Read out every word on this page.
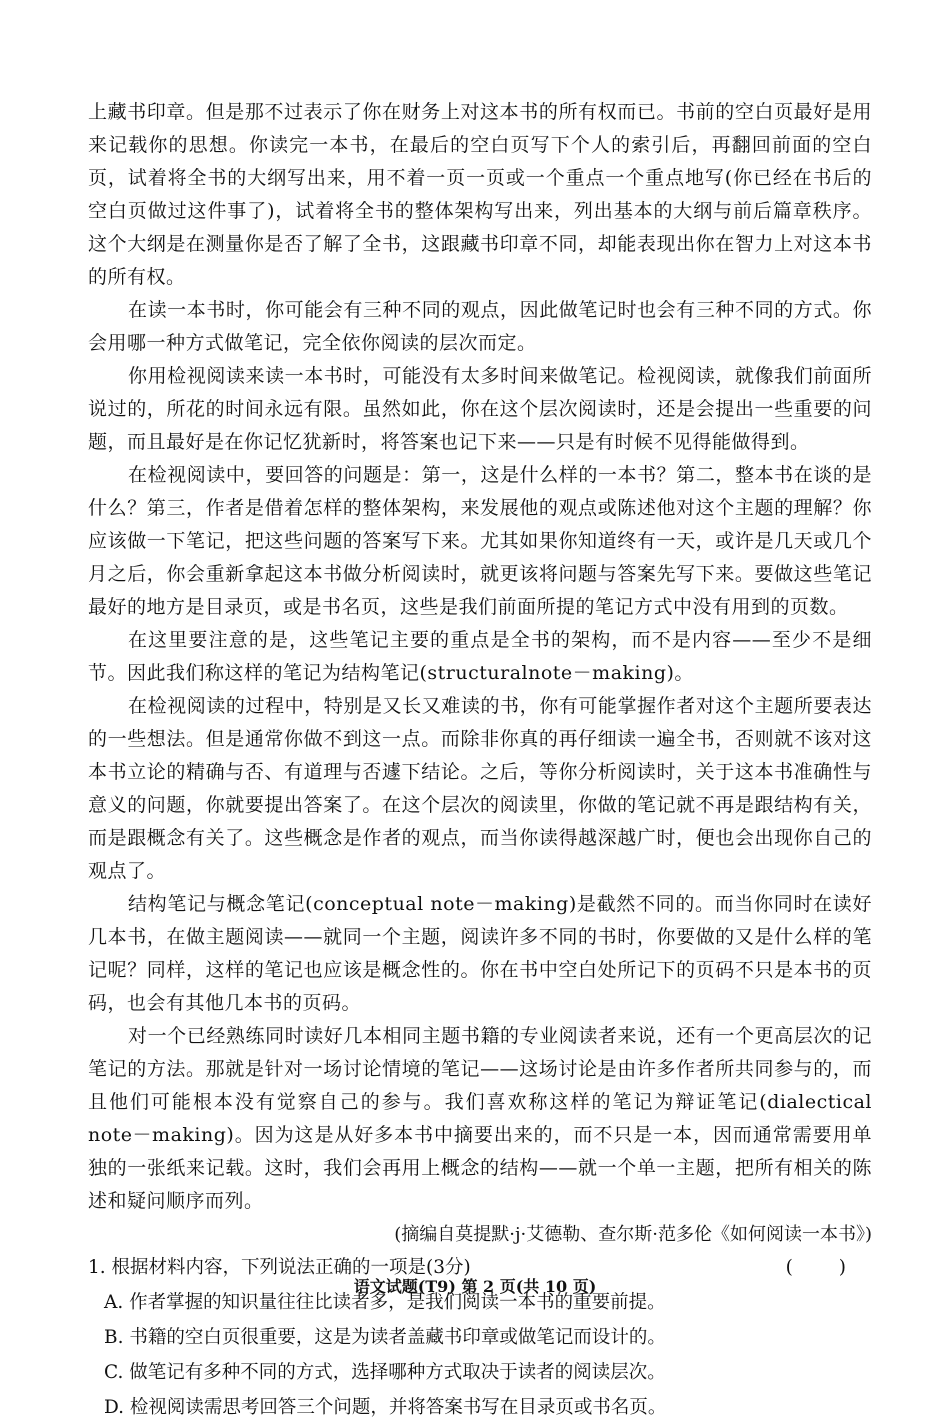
上藏书印章。但是那不过表示了你在财务上对这本书的所有权而已。书前的空白页最好是用来记载你的思想。你读完一本书，在最后的空白页写下个人的索引后，再翻回前面的空白页，试着将全书的大纲写出来，用不着一页一页或一个重点一个重点地写(你已经在书后的空白页做过这件事了)，试着将全书的整体架构写出来，列出基本的大纲与前后篇章秩序。这个大纲是在测量你是否了解了全书，这跟藏书印章不同，却能表现出你在智力上对这本书的所有权。

在读一本书时，你可能会有三种不同的观点，因此做笔记时也会有三种不同的方式。你会用哪一种方式做笔记，完全依你阅读的层次而定。

你用检视阅读来读一本书时，可能没有太多时间来做笔记。检视阅读，就像我们前面所说过的，所花的时间永远有限。虽然如此，你在这个层次阅读时，还是会提出一些重要的问题，而且最好是在你记忆犹新时，将答案也记下来——只是有时候不见得能做得到。

在检视阅读中，要回答的问题是：第一，这是什么样的一本书？第二，整本书在谈的是什么？第三，作者是借着怎样的整体架构，来发展他的观点或陈述他对这个主题的理解？你应该做一下笔记，把这些问题的答案写下来。尤其如果你知道终有一天，或许是几天或几个月之后，你会重新拿起这本书做分析阅读时，就更该将问题与答案先写下来。要做这些笔记最好的地方是目录页，或是书名页，这些是我们前面所提的笔记方式中没有用到的页数。

在这里要注意的是，这些笔记主要的重点是全书的架构，而不是内容——至少不是细节。因此我们称这样的笔记为结构笔记(structuralnote－making)。

在检视阅读的过程中，特别是又长又难读的书，你有可能掌握作者对这个主题所要表达的一些想法。但是通常你做不到这一点。而除非你真的再仔细读一遍全书，否则就不该对这本书立论的精确与否、有道理与否遽下结论。之后，等你分析阅读时，关于这本书准确性与意义的问题，你就要提出答案了。在这个层次的阅读里，你做的笔记就不再是跟结构有关，而是跟概念有关了。这些概念是作者的观点，而当你读得越深越广时，便也会出现你自己的观点了。

结构笔记与概念笔记(conceptual note－making)是截然不同的。而当你同时在读好几本书，在做主题阅读——就同一个主题，阅读许多不同的书时，你要做的又是什么样的笔记呢？同样，这样的笔记也应该是概念性的。你在书中空白处所记下的页码不只是本书的页码，也会有其他几本书的页码。

对一个已经熟练同时读好几本相同主题书籍的专业阅读者来说，还有一个更高层次的记笔记的方法。那就是针对一场讨论情境的笔记——这场讨论是由许多作者所共同参与的，而且他们可能根本没有觉察自己的参与。我们喜欢称这样的笔记为辩证笔记(dialectical note－making)。因为这是从好多本书中摘要出来的，而不只是一本，因而通常需要用单独的一张纸来记载。这时，我们会再用上概念的结构——就一个单一主题，把所有相关的陈述和疑问顺序而列。

(摘编自莫提默·j·艾德勒、查尔斯·范多伦《如何阅读一本书》)

1. 根据材料内容，下列说法正确的一项是(3分)	( )

A. 作者掌握的知识量往往比读者多，是我们阅读一本书的重要前提。

B. 书籍的空白页很重要，这是为读者盖藏书印章或做笔记而设计的。

C. 做笔记有多种不同的方式，选择哪种方式取决于读者的阅读层次。

D. 检视阅读需思考回答三个问题，并将答案书写在目录页或书名页。

语文试题(T9) 第 2 页(共 10 页)
